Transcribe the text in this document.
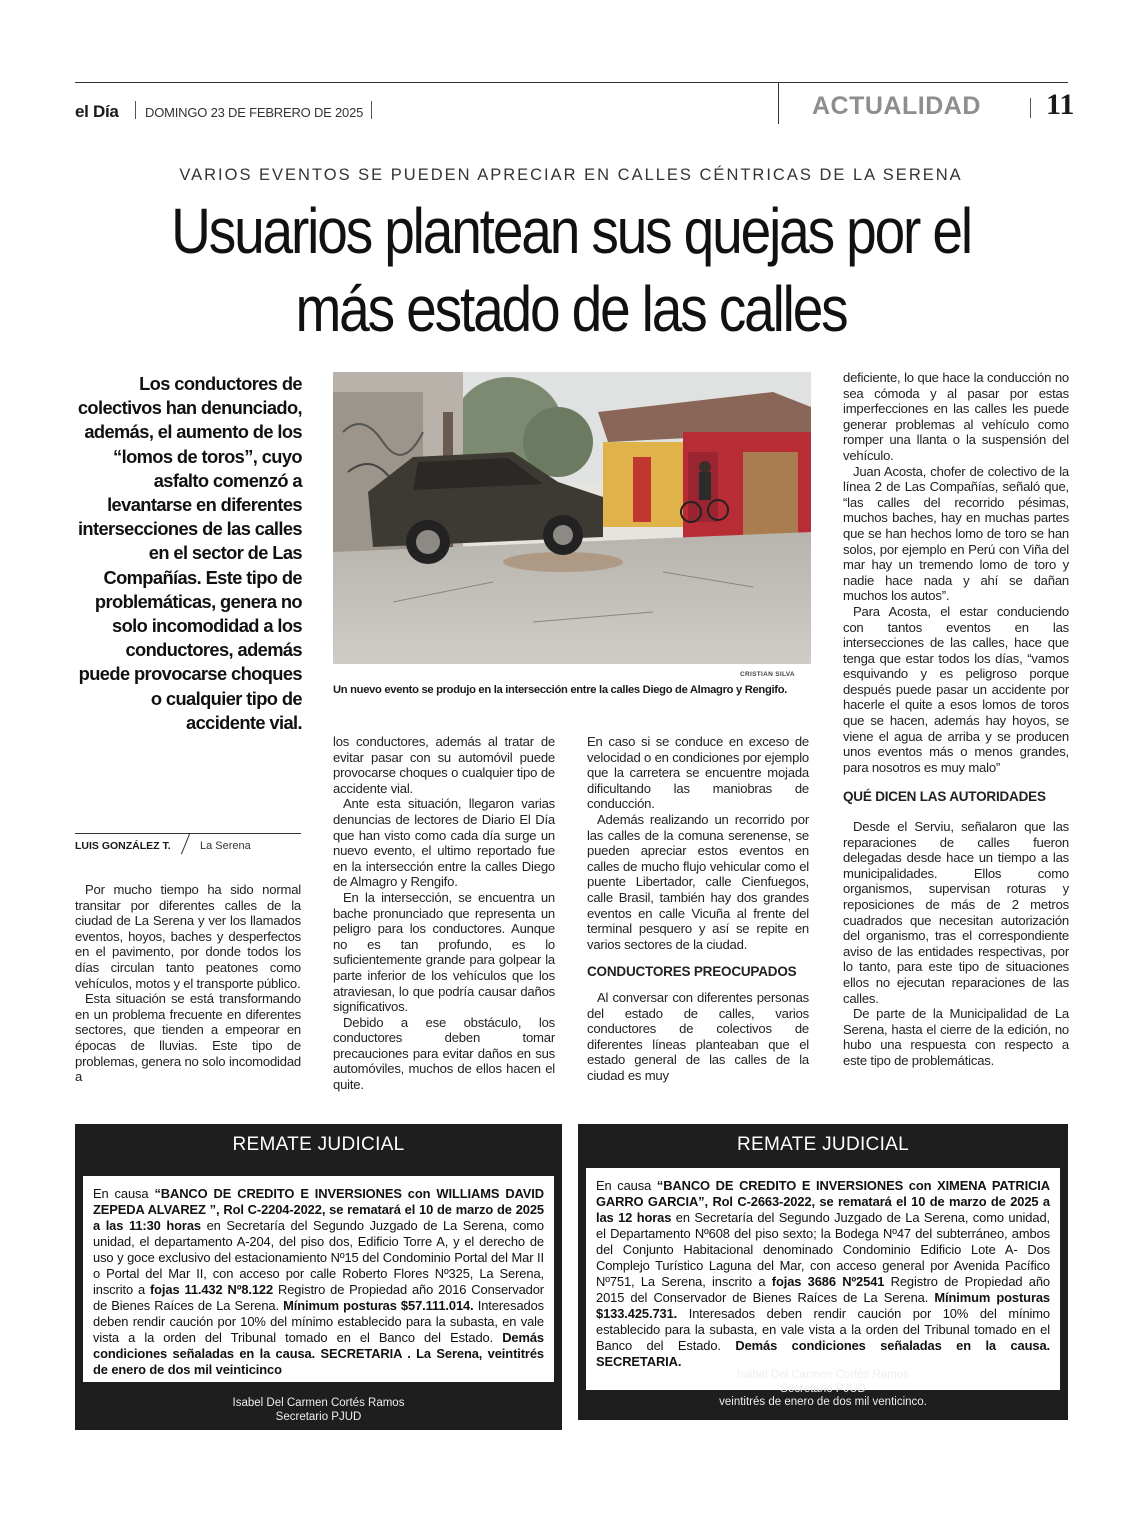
el Día DOMINGO 23 DE FEBRERO DE 2025	ACTUALIDAD 11
VARIOS EVENTOS SE PUEDEN APRECIAR EN CALLES CÉNTRICAS DE LA SERENA
Usuarios plantean sus quejas por el más estado de las calles
Los conductores de colectivos han denunciado, además, el aumento de los “lomos de toros”, cuyo asfalto comenzó a levantarse en diferentes intersecciones de las calles en el sector de Las Compañías. Este tipo de problemáticas, genera no solo incomodidad a los conductores, además puede provocarse choques o cualquier tipo de accidente vial.
LUIS GONZÁLEZ T.	La Serena
CRISTIAN SILVA
Un nuevo evento se produjo en la intersección entre la calles Diego de Almagro y Rengifo.

Por mucho tiempo ha sido normal transitar por diferentes calles de la ciudad de La Serena y ver los llamados eventos, hoyos, baches y desperfectos en el pavimento, por donde todos los días circulan tanto peatones como vehículos, motos y el transporte público.

Esta situación se está transformando en un problema frecuente en diferentes sectores, que tienden a empeorar en épocas de lluvias. Este tipo de problemas, genera no solo incomodidad a

los conductores, además al tratar de evitar pasar con su automóvil puede provocarse choques o cualquier tipo de accidente vial.

Ante esta situación, llegaron varias denuncias de lectores de Diario El Día que han visto como cada día surge un nuevo evento, el ultimo reportado fue en la intersección entre la calles Diego de Almagro y Rengifo.

En la intersección, se encuentra un bache pronunciado que representa un peligro para los conductores. Aunque no es tan profundo, es lo suficientemente grande para golpear la parte inferior de los vehículos que los atraviesan, lo que podría causar daños significativos.

Debido a ese obstáculo, los conductores deben tomar precauciones para evitar daños en sus automóviles, muchos de ellos hacen el quite.

En caso si se conduce en exceso de velocidad o en condiciones por ejemplo que la carretera se encuentre mojada dificultando las maniobras de conducción.

Además realizando un recorrido por las calles de la comuna serenense, se pueden apreciar estos eventos en calles de mucho flujo vehicular como el puente Libertador, calle Cienfuegos, calle Brasil, también hay dos grandes eventos en calle Vicuña al frente del terminal pesquero y así se repite en varios sectores de la ciudad.

CONDUCTORES PREOCUPADOS

Al conversar con diferentes personas del estado de calles, varios conductores de colectivos de diferentes líneas planteaban que el estado general de las calles de la ciudad es muy

deficiente, lo que hace la conducción no sea cómoda y al pasar por estas imperfecciones en las calles les puede generar problemas al vehículo como romper una llanta o la suspensión del vehículo.

Juan Acosta, chofer de colectivo de la línea 2 de Las Compañías, señaló que, “las calles del recorrido pésimas, muchos baches, hay en muchas partes que se han hechos lomo de toro se han solos, por ejemplo en Perú con Viña del mar hay un tremendo lomo de toro y nadie hace nada y ahí se dañan muchos los autos”.

Para Acosta, el estar conduciendo con tantos eventos en las intersecciones de las calles, hace que tenga que estar todos los días, “vamos esquivando y es peligroso porque después puede pasar un accidente por hacerle el quite a esos lomos de toros que se hacen, además hay hoyos, se viene el agua de arriba y se producen unos eventos más o menos grandes, para nosotros es muy malo”

QUÉ DICEN LAS AUTORIDADES

Desde el Serviu, señalaron que las reparaciones de calles fueron delegadas desde hace un tiempo a las municipalidades. Ellos como organismos, supervisan roturas y reposiciones de más de 2 metros cuadrados que necesitan autorización del organismo, tras el correspondiente aviso de las entidades respectivas, por lo tanto, para este tipo de situaciones ellos no ejecutan reparaciones de las calles.

De parte de la Municipalidad de La Serena, hasta el cierre de la edición, no hubo una respuesta con respecto a este tipo de problemáticas.

REMATE JUDICIAL
En causa “BANCO DE CREDITO E INVERSIONES con WILLIAMS DAVID ZEPEDA ALVAREZ ”, Rol C-2204-2022, se rematará el 10 de marzo de 2025 a las 11:30 horas en Secretaría del Segundo Juzgado de La Serena, como unidad, el departamento A-204, del piso dos, Edificio Torre A, y el derecho de uso y goce exclusivo del estacionamiento Nº15 del Condominio Portal del Mar II o Portal del Mar II, con acceso por calle Roberto Flores Nº325, La Serena, inscrito a fojas 11.432 Nº8.122 Registro de Propiedad año 2016 Conservador de Bienes Raíces de La Serena. Mínimum posturas $57.111.014. Interesados deben rendir caución por 10% del mínimo establecido para la subasta, en vale vista a la orden del Tribunal tomado en el Banco del Estado. Demás condiciones señaladas en la causa. SECRETARIA . La Serena, veintitrés de enero de dos mil veinticinco
Isabel Del Carmen Cortés Ramos
Secretario PJUD
REMATE JUDICIAL
En causa “BANCO DE CREDITO E INVERSIONES con XIMENA PATRICIA GARRO GARCIA”, Rol C-2663-2022, se rematará el 10 de marzo de 2025 a las 12 horas en Secretaría del Segundo Juzgado de La Serena, como unidad, el Departamento Nº608 del piso sexto; la Bodega Nº47 del subterráneo, ambos del Conjunto Habitacional denominado Condominio Edificio Lote A- Dos Complejo Turístico Laguna del Mar, con acceso general por Avenida Pacífico Nº751, La Serena, inscrito a fojas 3686 Nº2541 Registro de Propiedad año 2015 del Conservador de Bienes Raíces de La Serena. Mínimum posturas $133.425.731. Interesados deben rendir caución por 10% del mínimo establecido para la subasta, en vale vista a la orden del Tribunal tomado en el Banco del Estado. Demás condiciones señaladas en la causa. SECRETARIA.
Isabel Del Carmen Cortés Ramos
Secretario PJUD
veintitrés de enero de dos mil venticinco.
